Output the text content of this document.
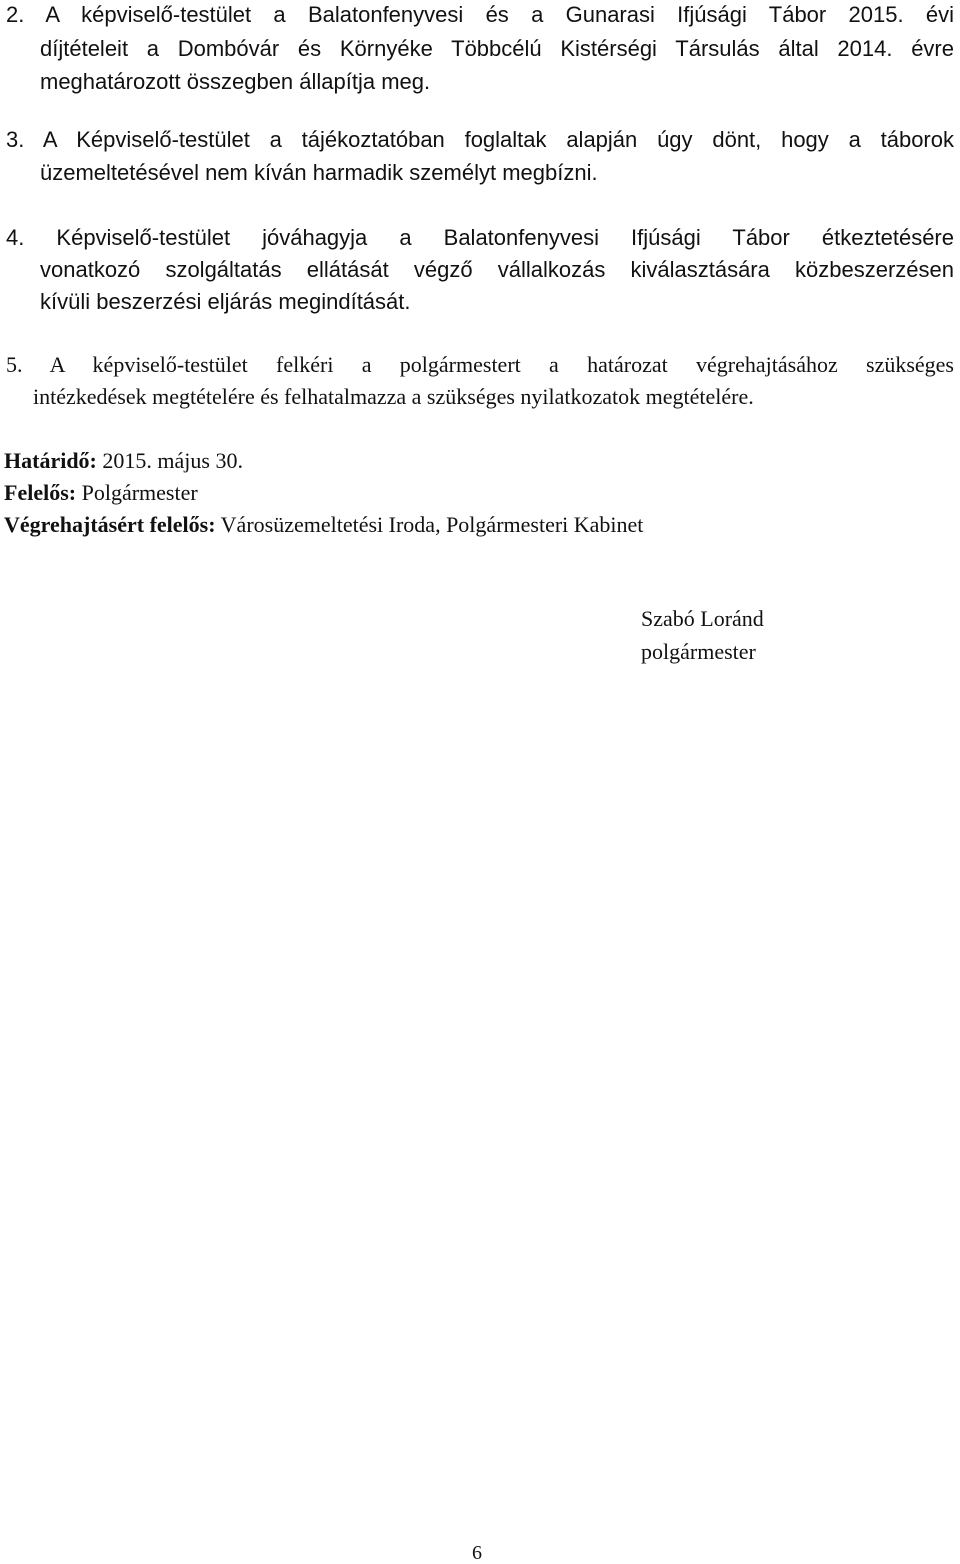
2. A képviselő-testület a Balatonfenyvesi és a Gunarasi Ifjúsági Tábor 2015. évi
díjtételeit a Dombóvár és Környéke Többcélú Kistérségi Társulás által 2014. évre
meghatározott összegben állapítja meg.
3. A Képviselő-testület a tájékoztatóban foglaltak alapján úgy dönt, hogy a táborok
üzemeltetésével nem kíván harmadik személyt megbízni.
4. Képviselő-testület jóváhagyja a Balatonfenyvesi Ifjúsági Tábor étkeztetésére
vonatkozó szolgáltatás ellátását végző vállalkozás kiválasztására közbeszerzésen
kívüli beszerzési eljárás megindítását.
5. A képviselő-testület felkéri a polgármestert a határozat végrehajtásához szükséges
intézkedések megtételére és felhatalmazza a szükséges nyilatkozatok megtételére.
Határidő: 2015. május 30.
Felelős: Polgármester
Végrehajtásért felelős: Városüzemeltetési Iroda, Polgármesteri Kabinet
Szabó Loránd
polgármester
6
